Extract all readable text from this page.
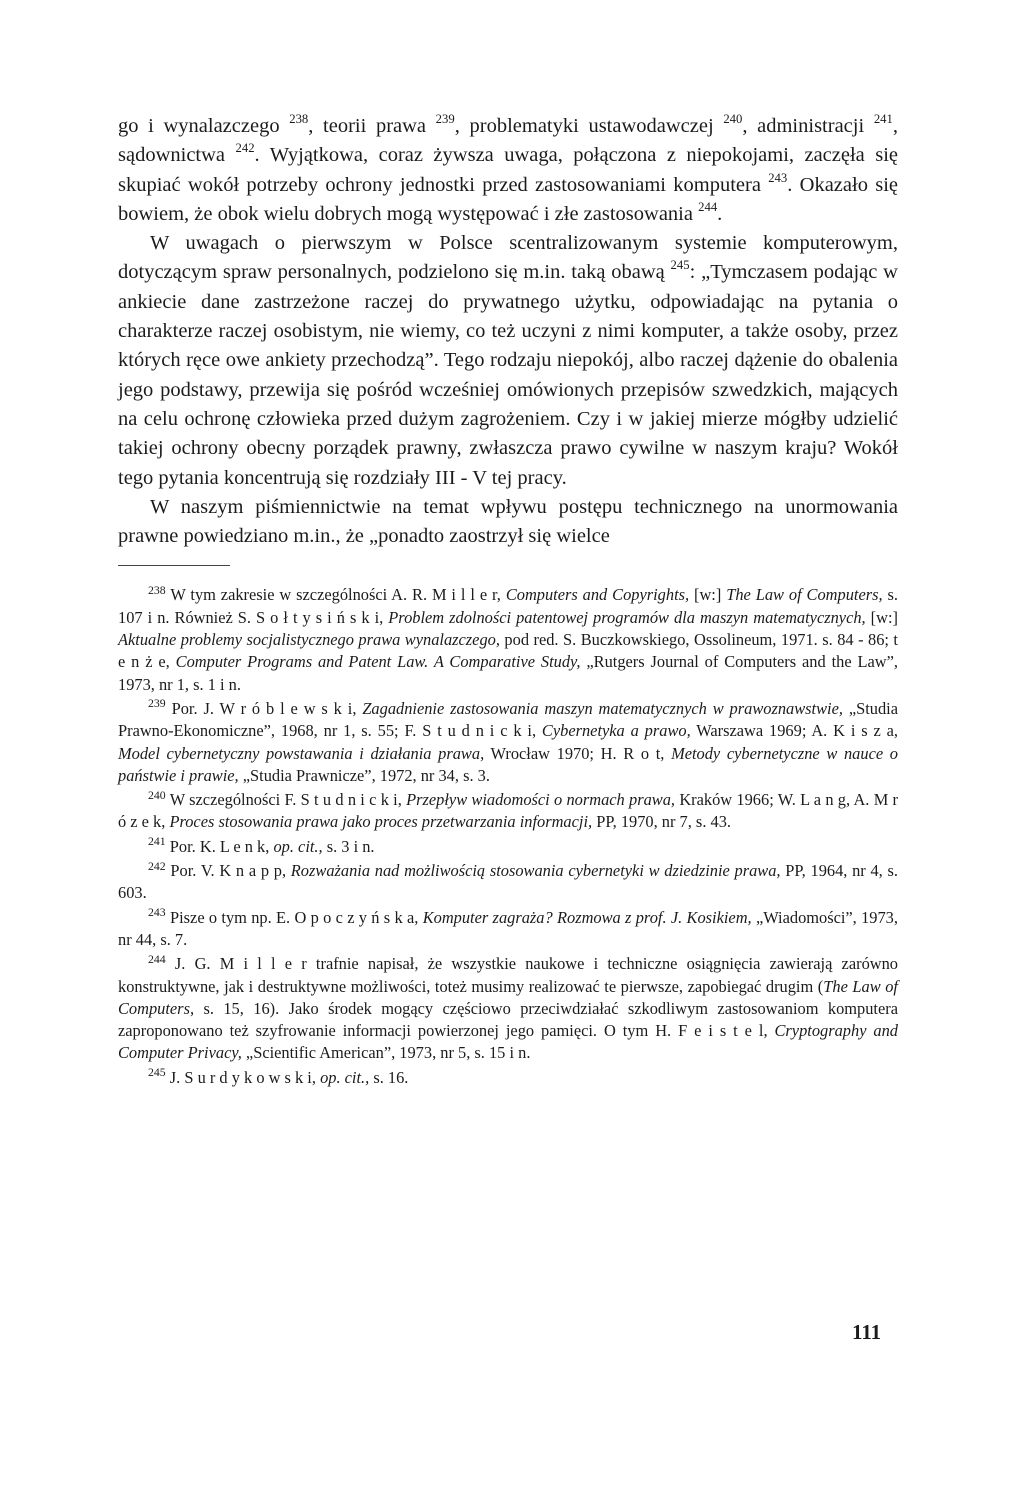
go i wynalazczego $^{238}$, teorii prawa $^{239}$, problematyki ustawodawczej $^{240}$, administracji $^{241}$, sądownictwa $^{242}$. Wyjątkowa, coraz żywsza uwaga, połączona z niepokojami, zaczęła się skupiać wokół potrzeby ochrony jednostki przed zastosowaniami komputera $^{243}$. Okazało się bowiem, że obok wielu dobrych mogą występować i złe zastosowania $^{244}$.

W uwagach o pierwszym w Polsce scentralizowanym systemie komputerowym, dotyczącym spraw personalnych, podzielono się m.in. taką obawą $^{245}$: „Tymczasem podając w ankiecie dane zastrzeżone raczej do prywatnego użytku, odpowiadając na pytania o charakterze raczej osobistym, nie wiemy, co też uczyni z nimi komputer, a także osoby, przez których ręce owe ankiety przechodzą”. Tego rodzaju niepokój, albo raczej dążenie do obalenia jego podstawy, przewija się pośród wcześniej omówionych przepisów szwedzkich, mających na celu ochronę człowieka przed dużym zagrożeniem. Czy i w jakiej mierze mógłby udzielić takiej ochrony obecny porządek prawny, zwłaszcza prawo cywilne w naszym kraju? Wokół tego pytania koncentrują się rozdziały III - V tej pracy.

W naszym piśmiennictwie na temat wpływu postępu technicznego na unormowania prawne powiedziano m.in., że „ponadto zaostrzył się wielce

$^{238}$ W tym zakresie w szczególności A. R. M i l l e r, Computers and Copyrights, [w:] The Law of Computers, s. 107 i n. Również S. S o ł t y s i ń s k i, Problem zdolności patentowej programów dla maszyn matematycznych, [w:] Aktualne problemy socjalistycznego prawa wynalazczego, pod red. S. Buczkowskiego, Ossolineum, 1971. s. 84 - 86; t e n ż e, Computer Programs and Patent Law. A Comparative Study, „Rutgers Journal of Computers and the Law”, 1973, nr 1, s. 1 i n.

$^{239}$ Por. J. W r ó b l e w s k i, Zagadnienie zastosowania maszyn matematycznych w prawoznawstwie, „Studia Prawno-Ekonomiczne”, 1968, nr 1, s. 55; F. S t u d n i c k i, Cybernetyka a prawo, Warszawa 1969; A. K i s z a, Model cybernetyczny powstawania i działania prawa, Wrocław 1970; H. R o t, Metody cybernetyczne w nauce o państwie i prawie, „Studia Prawnicze”, 1972, nr 34, s. 3.

$^{240}$ W szczególności F. S t u d n i c k i, Przepływ wiadomości o normach prawa, Kraków 1966; W. L a n g, A. M r ó z e k, Proces stosowania prawa jako proces przetwarzania informacji, PP, 1970, nr 7, s. 43.

$^{241}$ Por. K. L e n k, op. cit., s. 3 i n.

$^{242}$ Por. V. K n a p p, Rozważania nad możliwością stosowania cybernetyki w dziedzinie prawa, PP, 1964, nr 4, s. 603.

$^{243}$ Pisze o tym np. E. O p o c z y ń s k a, Komputer zagraża? Rozmowa z prof. J. Kosikiem, „Wiadomości”, 1973, nr 44, s. 7.

$^{244}$ J. G. M i l l e r trafnie napisał, że wszystkie naukowe i techniczne osiągnięcia zawierają zarówno konstruktywne, jak i destruktywne możliwości, toteż musimy realizować te pierwsze, zapobiegać drugim (The Law of Computers, s. 15, 16). Jako środek mogący częściowo przeciwdziałać szkodliwym zastosowaniom komputera zaproponowano też szyfrowanie informacji powierzonej jego pamięci. O tym H. F e i s t e l, Cryptography and Computer Privacy, „Scientific American”, 1973, nr 5, s. 15 i n.

$^{245}$ J. S u r d y k o w s k i, op. cit., s. 16.

111
